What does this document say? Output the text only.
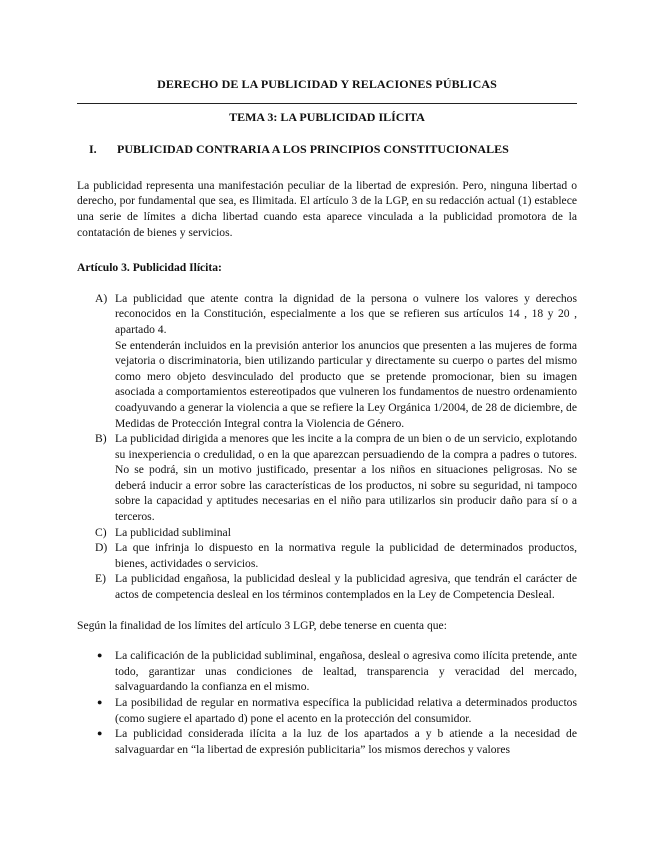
DERECHO DE LA PUBLICIDAD Y RELACIONES PÚBLICAS
TEMA 3: LA PUBLICIDAD ILÍCITA
I.	PUBLICIDAD CONTRARIA A LOS PRINCIPIOS CONSTITUCIONALES

La publicidad representa una manifestación peculiar de la libertad de expresión. Pero, ninguna libertad o derecho, por fundamental que sea, es Ilimitada. El artículo 3 de la LGP, en su redacción actual (1) establece una serie de límites a dicha libertad cuando esta aparece vinculada a la publicidad promotora de la contatación de bienes y servicios.

Artículo 3. Publicidad Ilícita:

A) La publicidad que atente contra la dignidad de la persona o vulnere los valores y derechos reconocidos en la Constitución, especialmente a los que se refieren sus artículos 14 , 18 y 20 , apartado 4.
Se entenderán incluidos en la previsión anterior los anuncios que presenten a las mujeres de forma vejatoria o discriminatoria, bien utilizando particular y directamente su cuerpo o partes del mismo como mero objeto desvinculado del producto que se pretende promocionar, bien su imagen asociada a comportamientos estereotipados que vulneren los fundamentos de nuestro ordenamiento coadyuvando a generar la violencia a que se refiere la Ley Orgánica 1/2004, de 28 de diciembre, de Medidas de Protección Integral contra la Violencia de Género.
B) La publicidad dirigida a menores que les incite a la compra de un bien o de un servicio, explotando su inexperiencia o credulidad, o en la que aparezcan persuadiendo de la compra a padres o tutores. No se podrá, sin un motivo justificado, presentar a los niños en situaciones peligrosas. No se deberá inducir a error sobre las características de los productos, ni sobre su seguridad, ni tampoco sobre la capacidad y aptitudes necesarias en el niño para utilizarlos sin producir daño para sí o a terceros.
C) La publicidad subliminal
D) La que infrinja lo dispuesto en la normativa regule la publicidad de determinados productos, bienes, actividades o servicios.
E) La publicidad engañosa, la publicidad desleal y la publicidad agresiva, que tendrán el carácter de actos de competencia desleal en los términos contemplados en la Ley de Competencia Desleal.

Según la finalidad de los límites del artículo 3 LGP, debe tenerse en cuenta que:

● La calificación de la publicidad subliminal, engañosa, desleal o agresiva como ilícita pretende, ante todo, garantizar unas condiciones de lealtad, transparencia y veracidad del mercado, salvaguardando la confianza en el mismo.
● La posibilidad de regular en normativa específica la publicidad relativa a determinados productos (como sugiere el apartado d) pone el acento en la protección del consumidor.
● La publicidad considerada ilícita a la luz de los apartados a y b atiende a la necesidad de salvaguardar en “la libertad de expresión publicitaria” los mismos derechos y valores
